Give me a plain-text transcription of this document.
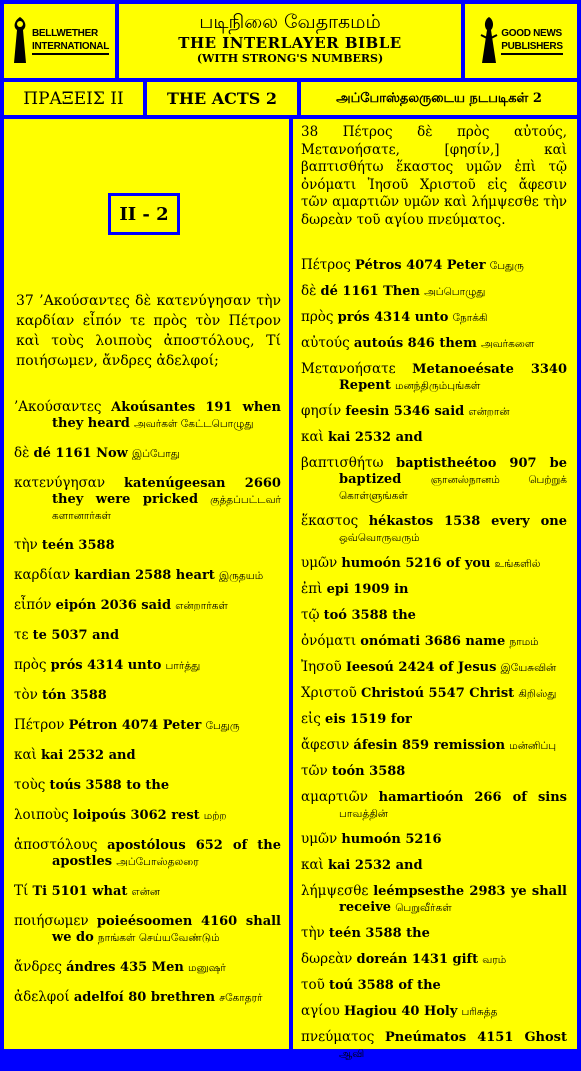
BELLWETHER
INTERNATIONAL
படிநிலை வேதாகமம்
THE INTERLAYER BIBLE
(WITH STRONG'S NUMBERS)
GOOD NEWS
PUBLISHERS
ΠΡΑΞΕΙΣ ΙΙ	THE ACTS 2	அப்போஸ்தலருடைய நடபடிகள் 2
II - 2
37 ’Ακούσαντες δὲ κατενύγησαν τὴν καρδίαν εἶπόν τε πρὸς τὸν Πέτρον καὶ τοὺς λοιποὺς ἀποστόλους, Τί ποιήσωμεν, ἄνδρες ἀδελφοί;

’Ακούσαντες Akoúsantes 191 when they heard அவர்கள் கேட்டபொழுது

δὲ dé 1161 Now இப்போது

κατενύγησαν katenúgeesan 2660 they were pricked குத்தப்பட்டவர் களானார்கள்

τὴν teén 3588

καρδίαν kardian 2588 heart இருதயம்

εἶπόν eipón 2036 said என்றார்கள்

τε te 5037 and

πρὸς prós 4314 unto பார்த்து

τὸν tón 3588

Πέτρον Pétron 4074 Peter பேதுரு

καὶ kai 2532 and

τοὺς toús 3588 to the

λοιποὺς loipoús 3062 rest மற்ற

ἀποστόλους apostólous 652 of the apostles அப்போஸ்தலரை

Τί Ti 5101 what என்ன

ποιήσωμεν poieésoomen 4160 shall we do நாங்கள் செய்யவேண்டும்

ἄνδρες ándres 435 Men மனுஷர்

ἀδελφοί adelfoí 80 brethren சகோதரர்

38 Πέτρος δὲ πρὸς αὐτούς, Μετανοήσατε, [φησίν,] καὶ βαπτισθήτω ἕκαστος υμῶν ἐπὶ τῷ ὀνόματι Ἰησοῦ Χριστοῦ εἰς ἄφεσιν τῶν αμαρτιῶν υμῶν καὶ λήμψεσθε τὴν δωρεὰν τοῦ αγίου πνεύματος.

Πέτρος Pétros 4074 Peter பேதுரு

δὲ dé 1161 Then அப்பொழுது

πρὸς prós 4314 unto நோக்கி

αὐτούς autoús 846 them அவர்களை

Μετανοήσατε Metanoeésate 3340 Repent மனந்திரும்புங்கள்

φησίν feesin 5346 said என்றான்

καὶ kai 2532 and

βαπτισθήτω baptistheétoo 907 be baptized	ஞானஸ்நானம் பெற்றுக் கொள்ளுங்கள்

ἕκαστος hékastos 1538 every one ஒவ்வொருவரும்

υμῶν humoón 5216 of you உங்களில்

ἐπὶ epi 1909 in

τῷ toó 3588 the

ὀνόματι onómati 3686 name நாமம்

Ἰησοῦ Ieesoú 2424 of Jesus இயேசுவின்

Χριστοῦ Christoú 5547 Christ கிறிஸ்து

εἰς eis 1519 for

ἄφεσιν áfesin 859 remission மன்னிப்பு

τῶν toón 3588

αμαρτιῶν hamartioón 266 of sins பாவத்தின்

υμῶν humoón 5216

καὶ kai 2532 and

λήμψεσθε leémpsesthe 2983 ye shall receive பெறுவீர்கள்

τὴν teén 3588 the

δωρεὰν doreán 1431 gift வரம்

τοῦ toú 3588 of the

αγίου Hagiou 40 Holy பரிசுத்த

πνεύματος Pneúmatos 4151 Ghost ஆவி
